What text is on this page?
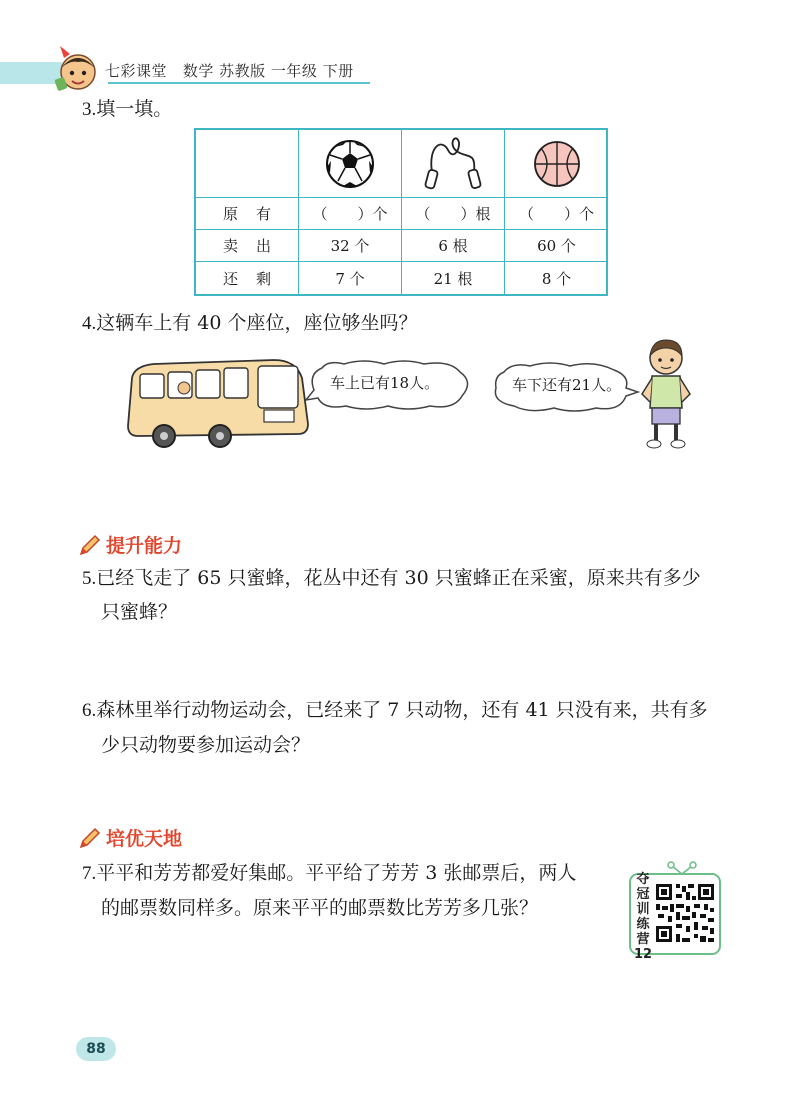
七彩课堂 数学 苏教版 一年级 下册
3.填一填。
原有	（　　）个	（　　）根	（　　）个
卖出	32 个	6 根	60 个
还剩	7 个	21 根	8 个
4.这辆车上有 40 个座位，座位够坐吗？
车上已有18人。	车下还有21人。
提升能力
5.已经飞走了 65 只蜜蜂，花丛中还有 30 只蜜蜂正在采蜜，原来共有多少
只蜜蜂？
6.森林里举行动物运动会，已经来了 7 只动物，还有 41 只没有来，共有多
少只动物要参加运动会？
培优天地
7.平平和芳芳都爱好集邮。平平给了芳芳 3 张邮票后，两人
的邮票数同样多。原来平平的邮票数比芳芳多几张？
夺冠训练营
12
88
